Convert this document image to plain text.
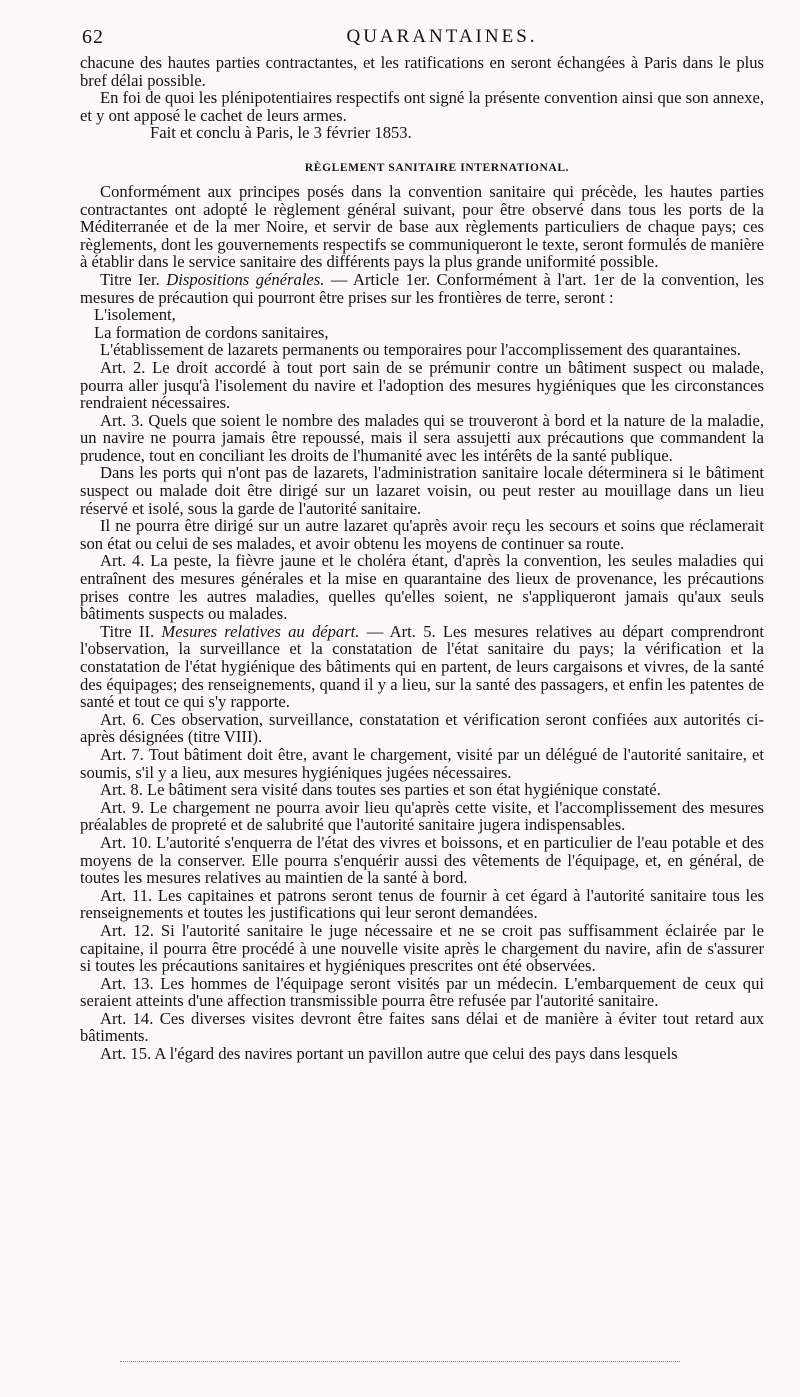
62	QUARANTAINES.

chacune des hautes parties contractantes, et les ratifications en seront échangées à Paris dans le plus bref délai possible.

En foi de quoi les plénipotentiaires respectifs ont signé la présente convention ainsi que son annexe, et y ont apposé le cachet de leurs armes.

Fait et conclu à Paris, le 3 février 1853.

RÈGLEMENT SANITAIRE INTERNATIONAL.

Conformément aux principes posés dans la convention sanitaire qui précède, les hautes parties contractantes ont adopté le règlement général suivant, pour être observé dans tous les ports de la Méditerranée et de la mer Noire, et servir de base aux règlements particuliers de chaque pays; ces règlements, dont les gouvernements respectifs se communiqueront le texte, seront formulés de manière à établir dans le service sanitaire des différents pays la plus grande uniformité possible.

Titre Ier. Dispositions générales. — Article 1er. Conformément à l'art. 1er de la convention, les mesures de précaution qui pourront être prises sur les frontières de terre, seront :

L'isolement,

La formation de cordons sanitaires,

L'établissement de lazarets permanents ou temporaires pour l'accomplissement des quarantaines.

Art. 2. Le droit accordé à tout port sain de se prémunir contre un bâtiment suspect ou malade, pourra aller jusqu'à l'isolement du navire et l'adoption des mesures hygiéniques que les circonstances rendraient nécessaires.

Art. 3. Quels que soient le nombre des malades qui se trouveront à bord et la nature de la maladie, un navire ne pourra jamais être repoussé, mais il sera assujetti aux précautions que commandent la prudence, tout en conciliant les droits de l'humanité avec les intérêts de la santé publique.

Dans les ports qui n'ont pas de lazarets, l'administration sanitaire locale déterminera si le bâtiment suspect ou malade doit être dirigé sur un lazaret voisin, ou peut rester au mouillage dans un lieu réservé et isolé, sous la garde de l'autorité sanitaire.

Il ne pourra être dirigé sur un autre lazaret qu'après avoir reçu les secours et soins que réclamerait son état ou celui de ses malades, et avoir obtenu les moyens de continuer sa route.

Art. 4. La peste, la fièvre jaune et le choléra étant, d'après la convention, les seules maladies qui entraînent des mesures générales et la mise en quarantaine des lieux de provenance, les précautions prises contre les autres maladies, quelles qu'elles soient, ne s'appliqueront jamais qu'aux seuls bâtiments suspects ou malades.

Titre II. Mesures relatives au départ. — Art. 5. Les mesures relatives au départ comprendront l'observation, la surveillance et la constatation de l'état sanitaire du pays; la vérification et la constatation de l'état hygiénique des bâtiments qui en partent, de leurs cargaisons et vivres, de la santé des équipages; des renseignements, quand il y a lieu, sur la santé des passagers, et enfin les patentes de santé et tout ce qui s'y rapporte.

Art. 6. Ces observation, surveillance, constatation et vérification seront confiées aux autorités ci-après désignées (titre VIII).

Art. 7. Tout bâtiment doit être, avant le chargement, visité par un délégué de l'autorité sanitaire, et soumis, s'il y a lieu, aux mesures hygiéniques jugées nécessaires.

Art. 8. Le bâtiment sera visité dans toutes ses parties et son état hygiénique constaté.

Art. 9. Le chargement ne pourra avoir lieu qu'après cette visite, et l'accomplissement des mesures préalables de propreté et de salubrité que l'autorité sanitaire jugera indispensables.

Art. 10. L'autorité s'enquerra de l'état des vivres et boissons, et en particulier de l'eau potable et des moyens de la conserver. Elle pourra s'enquérir aussi des vêtements de l'équipage, et, en général, de toutes les mesures relatives au maintien de la santé à bord.

Art. 11. Les capitaines et patrons seront tenus de fournir à cet égard à l'autorité sanitaire tous les renseignements et toutes les justifications qui leur seront demandées.

Art. 12. Si l'autorité sanitaire le juge nécessaire et ne se croit pas suffisamment éclairée par le capitaine, il pourra être procédé à une nouvelle visite après le chargement du navire, afin de s'assurer si toutes les précautions sanitaires et hygiéniques prescrites ont été observées.

Art. 13. Les hommes de l'équipage seront visités par un médecin. L'embarquement de ceux qui seraient atteints d'une affection transmissible pourra être refusée par l'autorité sanitaire.

Art. 14. Ces diverses visites devront être faites sans délai et de manière à éviter tout retard aux bâtiments.

Art. 15. A l'égard des navires portant un pavillon autre que celui des pays dans lesquels
